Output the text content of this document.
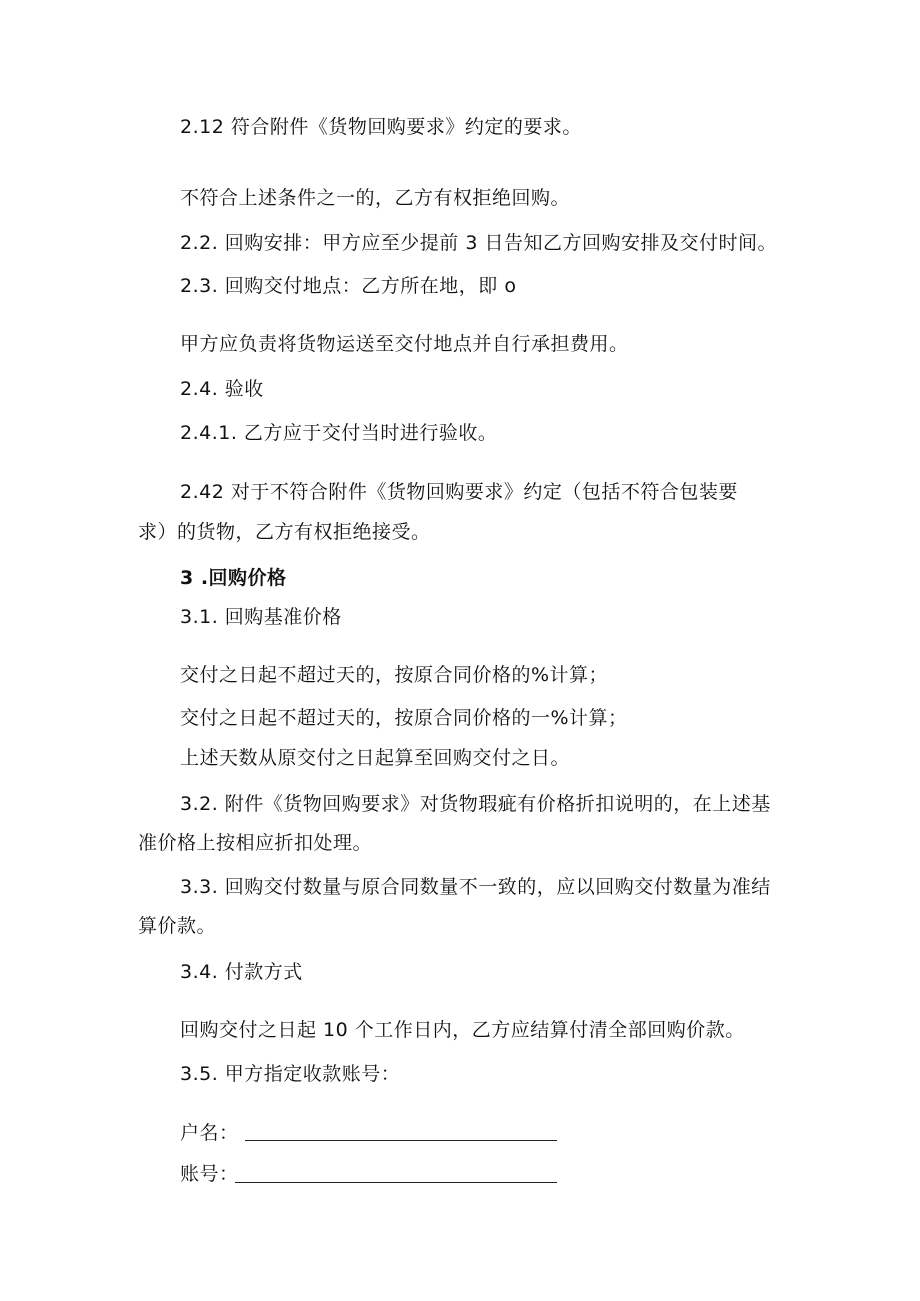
2.12 符合附件《货物回购要求》约定的要求。
不符合上述条件之一的，乙方有权拒绝回购。
2.2. 回购安排：甲方应至少提前 3 日告知乙方回购安排及交付时间。
2.3. 回购交付地点：乙方所在地，即 o
甲方应负责将货物运送至交付地点并自行承担费用。
2.4. 验收
2.4.1. 乙方应于交付当时进行验收。
2.42 对于不符合附件《货物回购要求》约定（包括不符合包装要
求）的货物，乙方有权拒绝接受。
3 .回购价格
3.1. 回购基准价格
交付之日起不超过天的，按原合同价格的%计算；
交付之日起不超过天的，按原合同价格的一%计算；
上述天数从原交付之日起算至回购交付之日。
3.2. 附件《货物回购要求》对货物瑕疵有价格折扣说明的，在上述基
准价格上按相应折扣处理。
3.3. 回购交付数量与原合同数量不一致的，应以回购交付数量为准结
算价款。
3.4. 付款方式
回购交付之日起 10 个工作日内，乙方应结算付清全部回购价款。
3.5. 甲方指定收款账号：
户名：
账号：
